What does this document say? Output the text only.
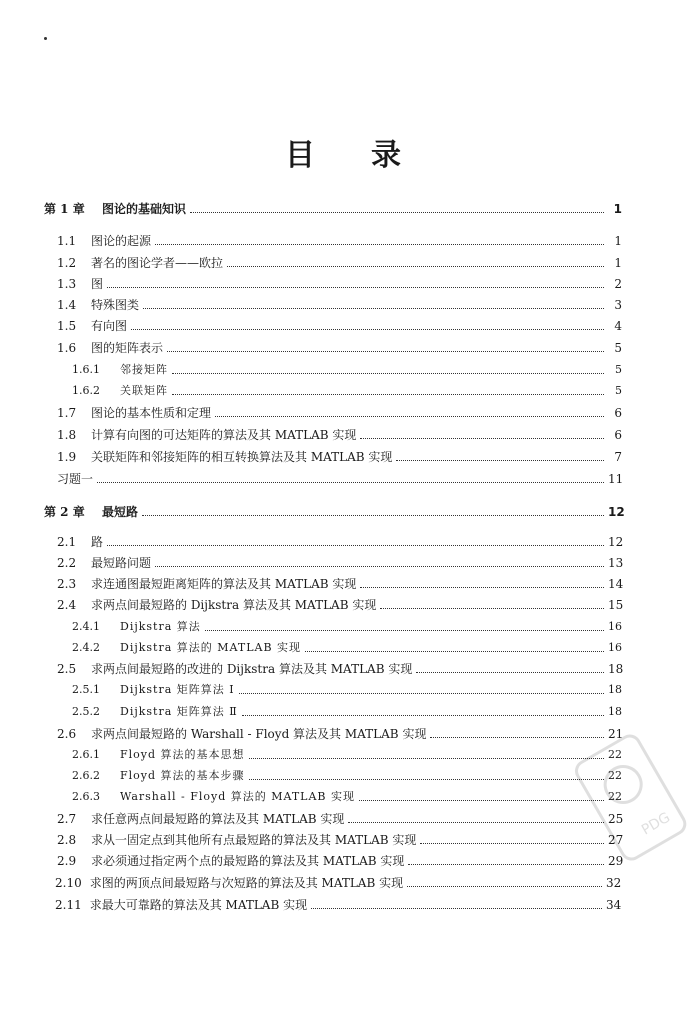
目 录
第 1 章	图论的基础知识	1
1.1	图论的起源	1
1.2	著名的图论学者——欧拉	1
1.3	图	2
1.4	特殊图类	3
1.5	有向图	4
1.6	图的矩阵表示	5
1.6.1	邻接矩阵	5
1.6.2	关联矩阵	5
1.7	图论的基本性质和定理	6
1.8	计算有向图的可达矩阵的算法及其 MATLAB 实现	6
1.9	关联矩阵和邻接矩阵的相互转换算法及其 MATLAB 实现	7
习题一	11
第 2 章	最短路	12
2.1	路	12
2.2	最短路问题	13
2.3	求连通图最短距离矩阵的算法及其 MATLAB 实现	14
2.4	求两点间最短路的 Dijkstra 算法及其 MATLAB 实现	15
2.4.1	Dijkstra 算法	16
2.4.2	Dijkstra 算法的 MATLAB 实现	16
2.5	求两点间最短路的改进的 Dijkstra 算法及其 MATLAB 实现	18
2.5.1	Dijkstra 矩阵算法 Ⅰ	18
2.5.2	Dijkstra 矩阵算法 Ⅱ	18
2.6	求两点间最短路的 Warshall - Floyd 算法及其 MATLAB 实现	21
2.6.1	Floyd 算法的基本思想	22
2.6.2	Floyd 算法的基本步骤	22
2.6.3	Warshall - Floyd 算法的 MATLAB 实现	22
2.7	求任意两点间最短路的算法及其 MATLAB 实现	25
2.8	求从一固定点到其他所有点最短路的算法及其 MATLAB 实现	27
2.9	求必须通过指定两个点的最短路的算法及其 MATLAB 实现	29
2.10 求图的两顶点间最短路与次短路的算法及其 MATLAB 实现	32
2.11 求最大可靠路的算法及其 MATLAB 实现	34
PDG
